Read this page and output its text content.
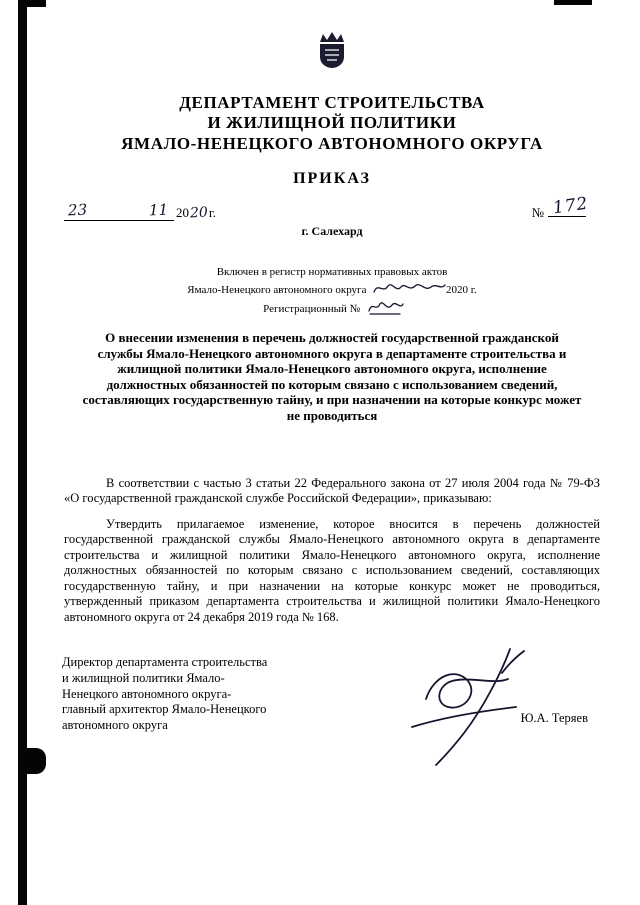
ДЕПАРТАМЕНТ СТРОИТЕЛЬСТВА
И ЖИЛИЩНОЙ ПОЛИТИКИ
ЯМАЛО-НЕНЕЦКОГО АВТОНОМНОГО ОКРУГА
ПРИКАЗ
23	11 20 20 г.	№ 172
г. Салехард
Включен в регистр нормативных правовых актов
Ямало-Ненецкого автономного округа	2020 г.
Регистрационный №
О внесении изменения в перечень должностей государственной гражданской службы Ямало-Ненецкого автономного округа в департаменте строительства и жилищной политики Ямало-Ненецкого автономного округа, исполнение должностных обязанностей по которым связано с использованием сведений, составляющих государственную тайну, и при назначении на которые конкурс может не проводиться

В соответствии с частью 3 статьи 22 Федерального закона от 27 июля 2004 года № 79-ФЗ «О государственной гражданской службе Российской Федерации», приказываю:

Утвердить прилагаемое изменение, которое вносится в перечень должностей государственной гражданской службы Ямало-Ненецкого автономного округа в департаменте строительства и жилищной политики Ямало-Ненецкого автономного округа, исполнение должностных обязанностей по которым связано с использованием сведений, составляющих государственную тайну, и при назначении на которые конкурс может не проводиться, утвержденный приказом департамента строительства и жилищной политики Ямало-Ненецкого автономного округа от 24 декабря 2019 года № 168.

Директор департамента строительства
и жилищной политики Ямало-
Ненецкого автономного округа-
главный архитектор Ямало-Ненецкого
автономного округа	Ю.А. Теряев
